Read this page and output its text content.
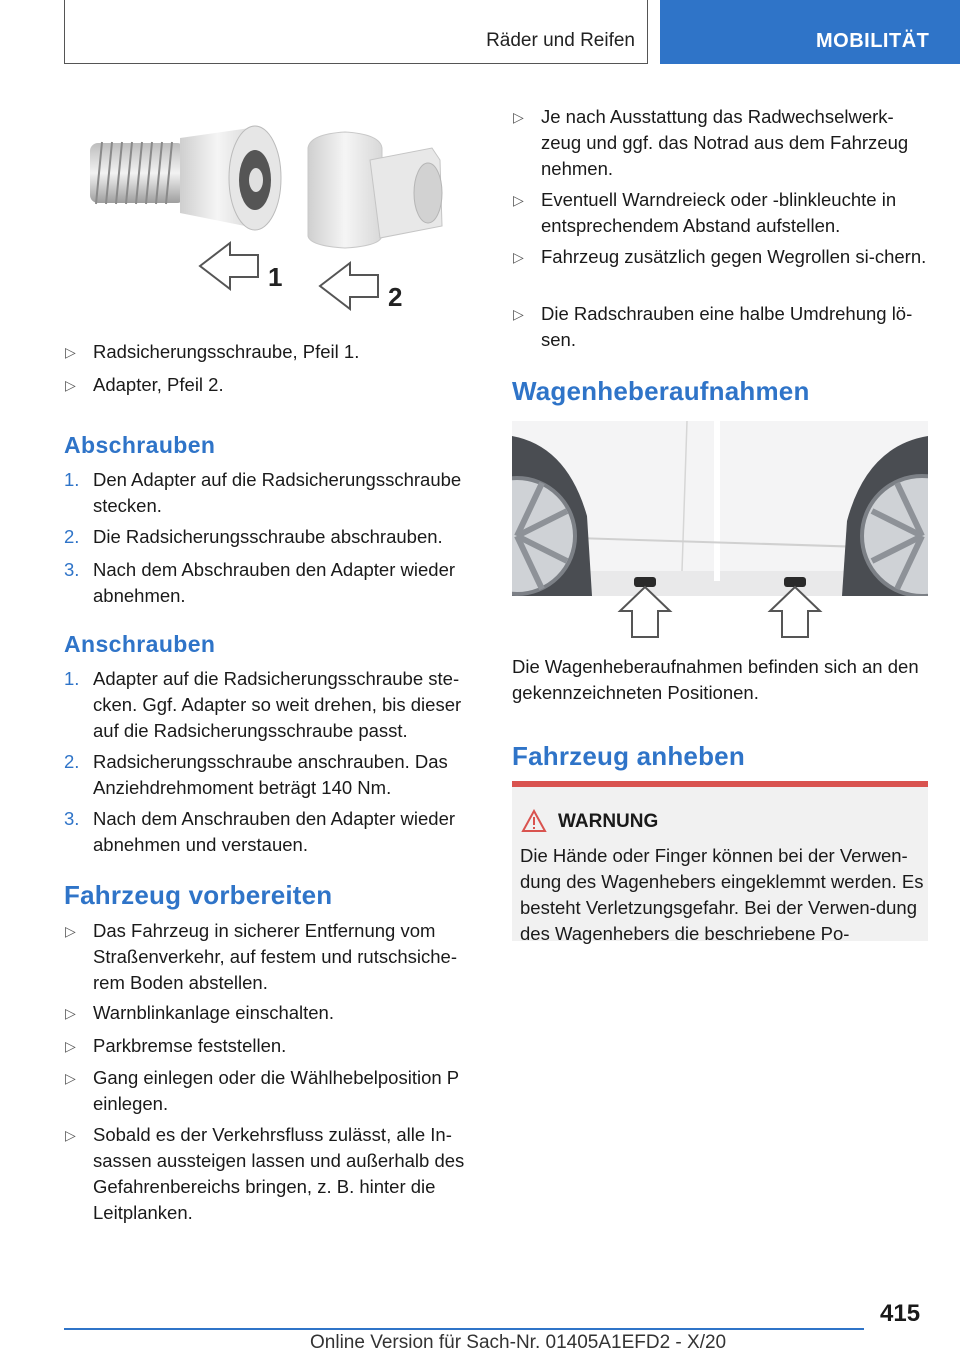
Räder und Reifen	MOBILITÄT
1
2
▷ Radsicherungsschraube, Pfeil 1.
▷ Adapter, Pfeil 2.
Abschrauben
1. Den Adapter auf die Radsicherungsschraube stecken.
2. Die Radsicherungsschraube abschrauben.
3. Nach dem Abschrauben den Adapter wieder abnehmen.
Anschrauben
1. Adapter auf die Radsicherungsschraube ste-cken. Ggf. Adapter so weit drehen, bis dieser auf die Radsicherungsschraube passt.
2. Radsicherungsschraube anschrauben. Das Anziehdrehmoment beträgt 140 Nm.
3. Nach dem Anschrauben den Adapter wieder abnehmen und verstauen.
Fahrzeug vorbereiten
▷ Das Fahrzeug in sicherer Entfernung vom Straßenverkehr, auf festem und rutschsiche-rem Boden abstellen.
▷ Warnblinkanlage einschalten.
▷ Parkbremse feststellen.
▷ Gang einlegen oder die Wählhebelposition P einlegen.
▷ Sobald es der Verkehrsfluss zulässt, alle In-sassen aussteigen lassen und außerhalb des Gefahrenbereichs bringen, z. B. hinter die Leitplanken.
▷ Je nach Ausstattung das Radwechselwerk-zeug und ggf. das Notrad aus dem Fahrzeug nehmen.
▷ Eventuell Warndreieck oder -blinkleuchte in entsprechendem Abstand aufstellen.
▷ Fahrzeug zusätzlich gegen Wegrollen si-chern.
▷ Die Radschrauben eine halbe Umdrehung lö-sen.
Wagenheberaufnahmen
Die Wagenheberaufnahmen befinden sich an den gekennzeichneten Positionen.
Fahrzeug anheben
WARNUNG
Die Hände oder Finger können bei der Verwen-dung des Wagenhebers eingeklemmt werden. Es besteht Verletzungsgefahr. Bei der Verwen-dung des Wagenhebers die beschriebene Po-
415
Online Version für Sach-Nr. 01405A1EFD2 - X/20
